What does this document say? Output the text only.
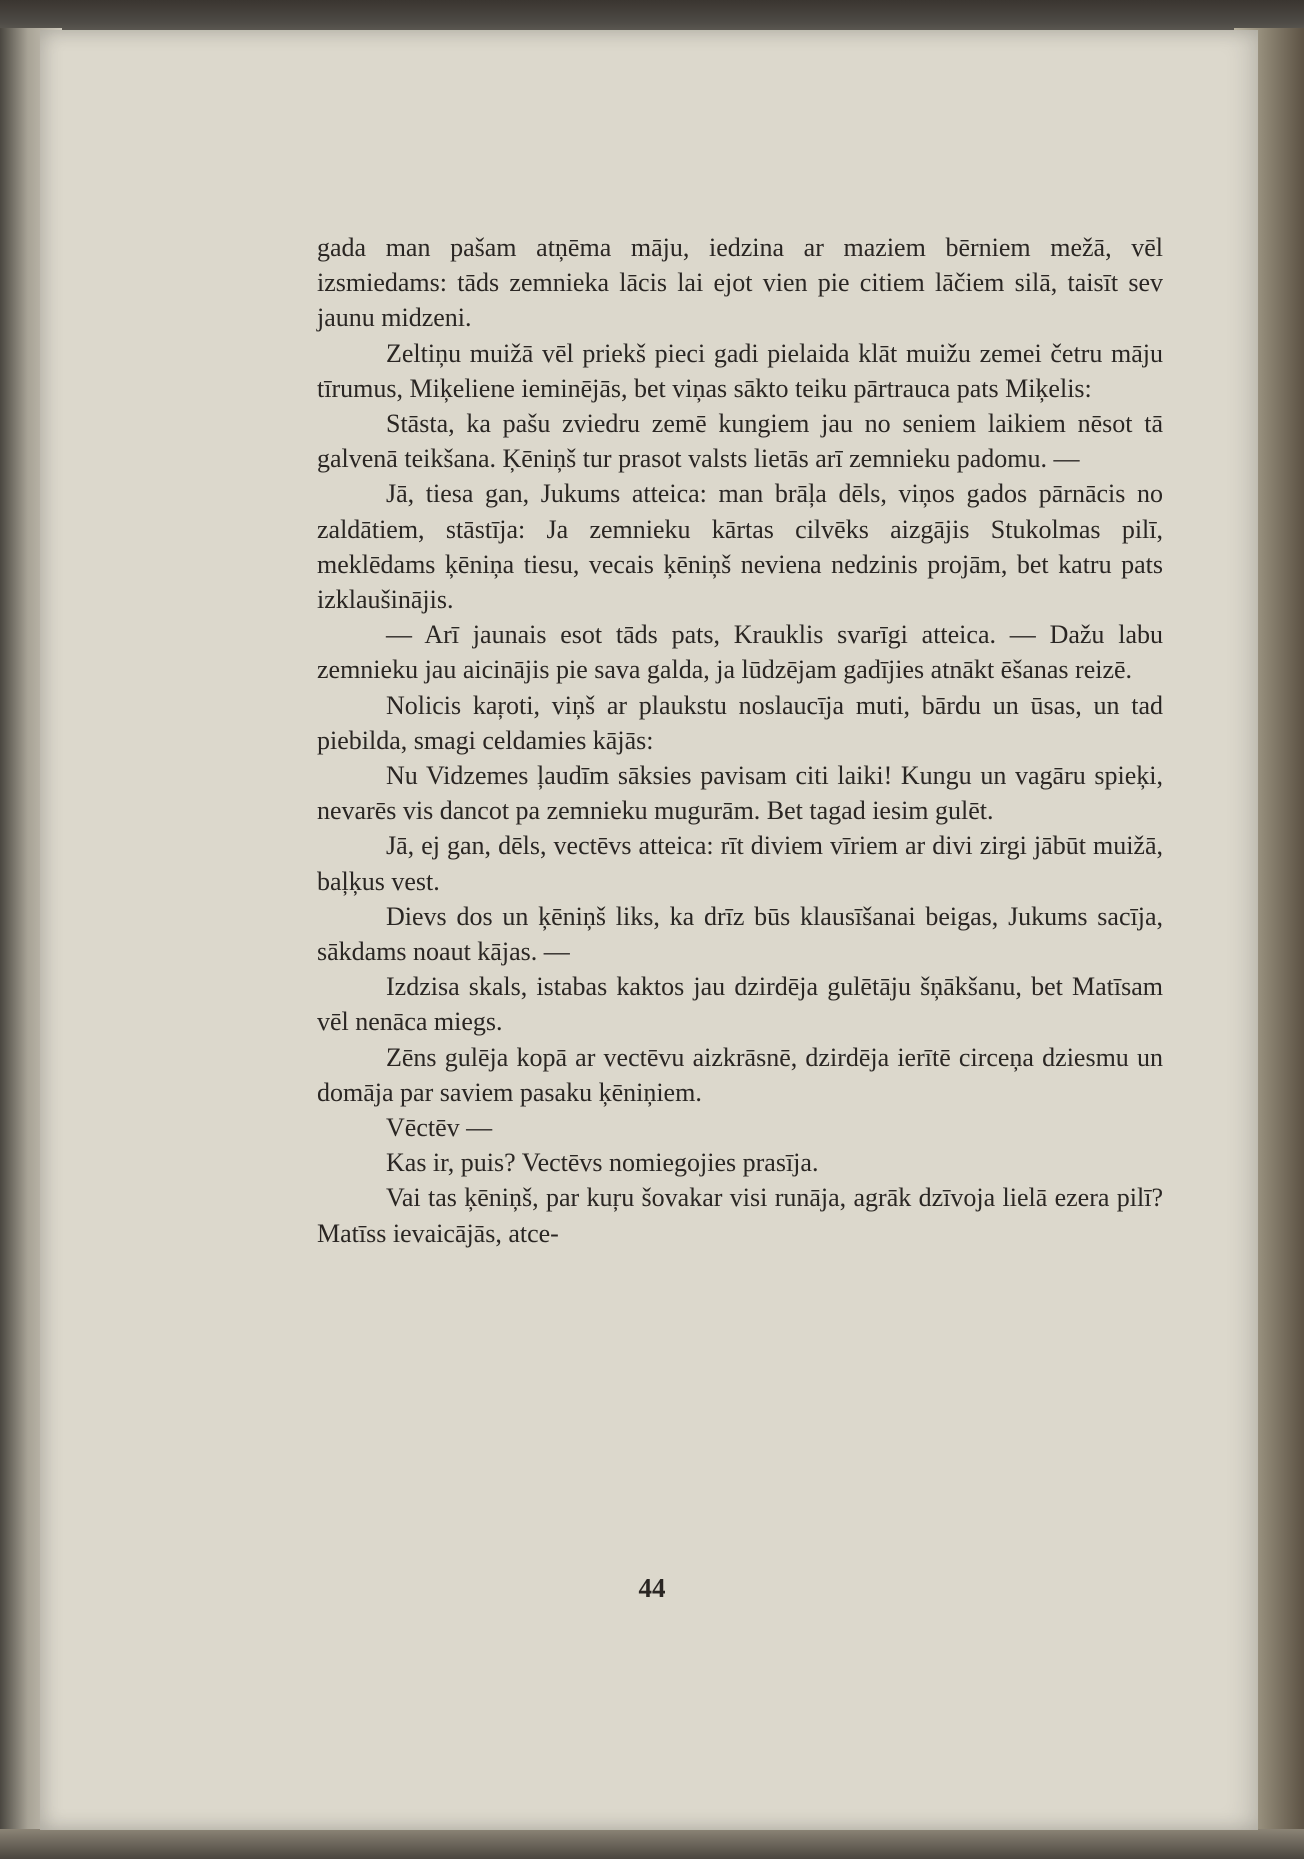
gada man pašam atņēma māju, iedzina ar maziem bērniem mežā, vēl izsmiedams: tāds zemnieka lācis lai ejot vien pie citiem lāčiem silā, taisīt sev jaunu midzeni.

Zeltiņu muižā vēl priekš pieci gadi pielaida klāt muižu zemei četru māju tīrumus, Miķeliene ieminējās, bet viņas sākto teiku pārtrauca pats Miķelis:

Stāsta, ka pašu zviedru zemē kungiem jau no seniem laikiem nēsot tā galvenā teikšana. Ķēniņš tur prasot valsts lietās arī zemnieku padomu. —

Jā, tiesa gan, Jukums atteica: man brāļa dēls, viņos gados pārnācis no zaldātiem, stāstīja: Ja zemnieku kārtas cilvēks aizgājis Stukolmas pilī, meklēdams ķēniņa tiesu, vecais ķēniņš neviena nedzinis projām, bet katru pats izklaušinājis.

— Arī jaunais esot tāds pats, Krauklis svarīgi atteica. — Dažu labu zemnieku jau aicinājis pie sava galda, ja lūdzējam gadījies atnākt ēšanas reizē.

Nolicis kaŗoti, viņš ar plaukstu noslaucīja muti, bārdu un ūsas, un tad piebilda, smagi celdamies kājās:

Nu Vidzemes ļaudīm sāksies pavisam citi laiki! Kungu un vagāru spieķi, nevarēs vis dancot pa zemnieku mugurām. Bet tagad iesim gulēt.

Jā, ej gan, dēls, vectēvs atteica: rīt diviem vīriem ar divi zirgi jābūt muižā, baļķus vest.

Dievs dos un ķēniņš liks, ka drīz būs klausīšanai beigas, Jukums sacīja, sākdams noaut kājas. —

Izdzisa skals, istabas kaktos jau dzirdēja gulētāju šņākšanu, bet Matīsam vēl nenāca miegs.

Zēns gulēja kopā ar vectēvu aizkrāsnē, dzirdēja ierītē circeņa dziesmu un domāja par saviem pasaku ķēniņiem.

Vēctēv —

Kas ir, puis? Vectēvs nomiegojies prasīja.

Vai tas ķēniņš, par kuŗu šovakar visi runāja, agrāk dzīvoja lielā ezera pilī? Matīss ievaicājās, atce-

44
